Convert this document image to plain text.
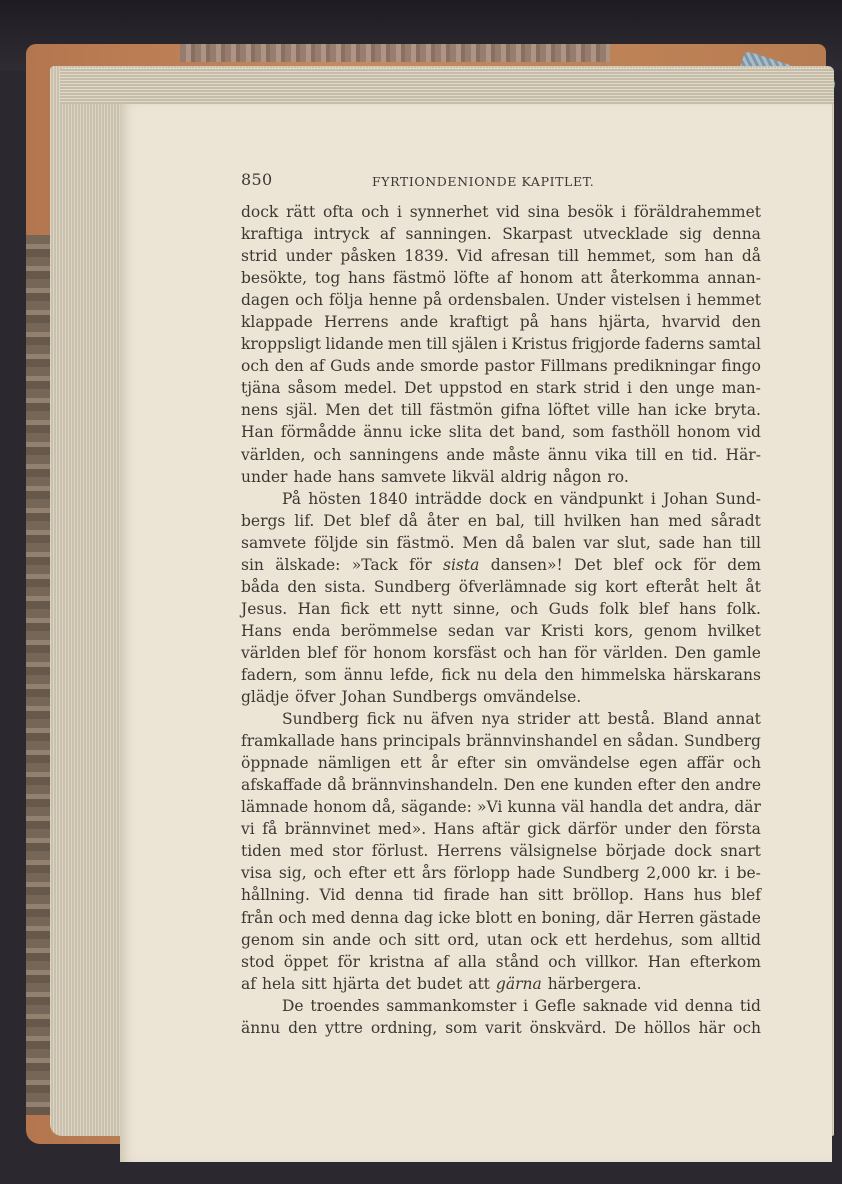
850	FYRTIONDENIONDE KAPITLET.
dock rätt ofta och i synnerhet vid sina besök i föräldrahemmet
kraftiga intryck af sanningen. Skarpast utvecklade sig denna
strid under påsken 1839. Vid afresan till hemmet, som han då
besökte, tog hans fästmö löfte af honom att återkomma annan-
dagen och följa henne på ordensbalen. Under vistelsen i hemmet
klappade Herrens ande kraftigt på hans hjärta, hvarvid den
kroppsligt lidande men till själen i Kristus frigjorde faderns samtal
och den af Guds ande smorde pastor Fillmans predikningar fingo
tjäna såsom medel. Det uppstod en stark strid i den unge man-
nens själ. Men det till fästmön gifna löftet ville han icke bryta.
Han förmådde ännu icke slita det band, som fasthöll honom vid
världen, och sanningens ande måste ännu vika till en tid. Här-
under hade hans samvete likväl aldrig någon ro.
På hösten 1840 inträdde dock en vändpunkt i Johan Sund-
bergs lif. Det blef då åter en bal, till hvilken han med såradt
samvete följde sin fästmö. Men då balen var slut, sade han till
sin älskade: »Tack för sista dansen»! Det blef ock för dem
båda den sista. Sundberg öfverlämnade sig kort efteråt helt åt
Jesus. Han fick ett nytt sinne, och Guds folk blef hans folk.
Hans enda berömmelse sedan var Kristi kors, genom hvilket
världen blef för honom korsfäst och han för världen. Den gamle
fadern, som ännu lefde, fick nu dela den himmelska härskarans
glädje öfver Johan Sundbergs omvändelse.
Sundberg fick nu äfven nya strider att bestå. Bland annat
framkallade hans principals brännvinshandel en sådan. Sundberg
öppnade nämligen ett år efter sin omvändelse egen affär och
afskaffade då brännvinshandeln. Den ene kunden efter den andre
lämnade honom då, sägande: »Vi kunna väl handla det andra, där
vi få brännvinet med». Hans aftär gick därför under den första
tiden med stor förlust. Herrens välsignelse började dock snart
visa sig, och efter ett års förlopp hade Sundberg 2,000 kr. i be-
hållning. Vid denna tid firade han sitt bröllop. Hans hus blef
från och med denna dag icke blott en boning, där Herren gästade
genom sin ande och sitt ord, utan ock ett herdehus, som alltid
stod öppet för kristna af alla stånd och villkor. Han efterkom
af hela sitt hjärta det budet att gärna härbergera.
De troendes sammankomster i Gefle saknade vid denna tid
ännu den yttre ordning, som varit önskvärd. De höllos här och
